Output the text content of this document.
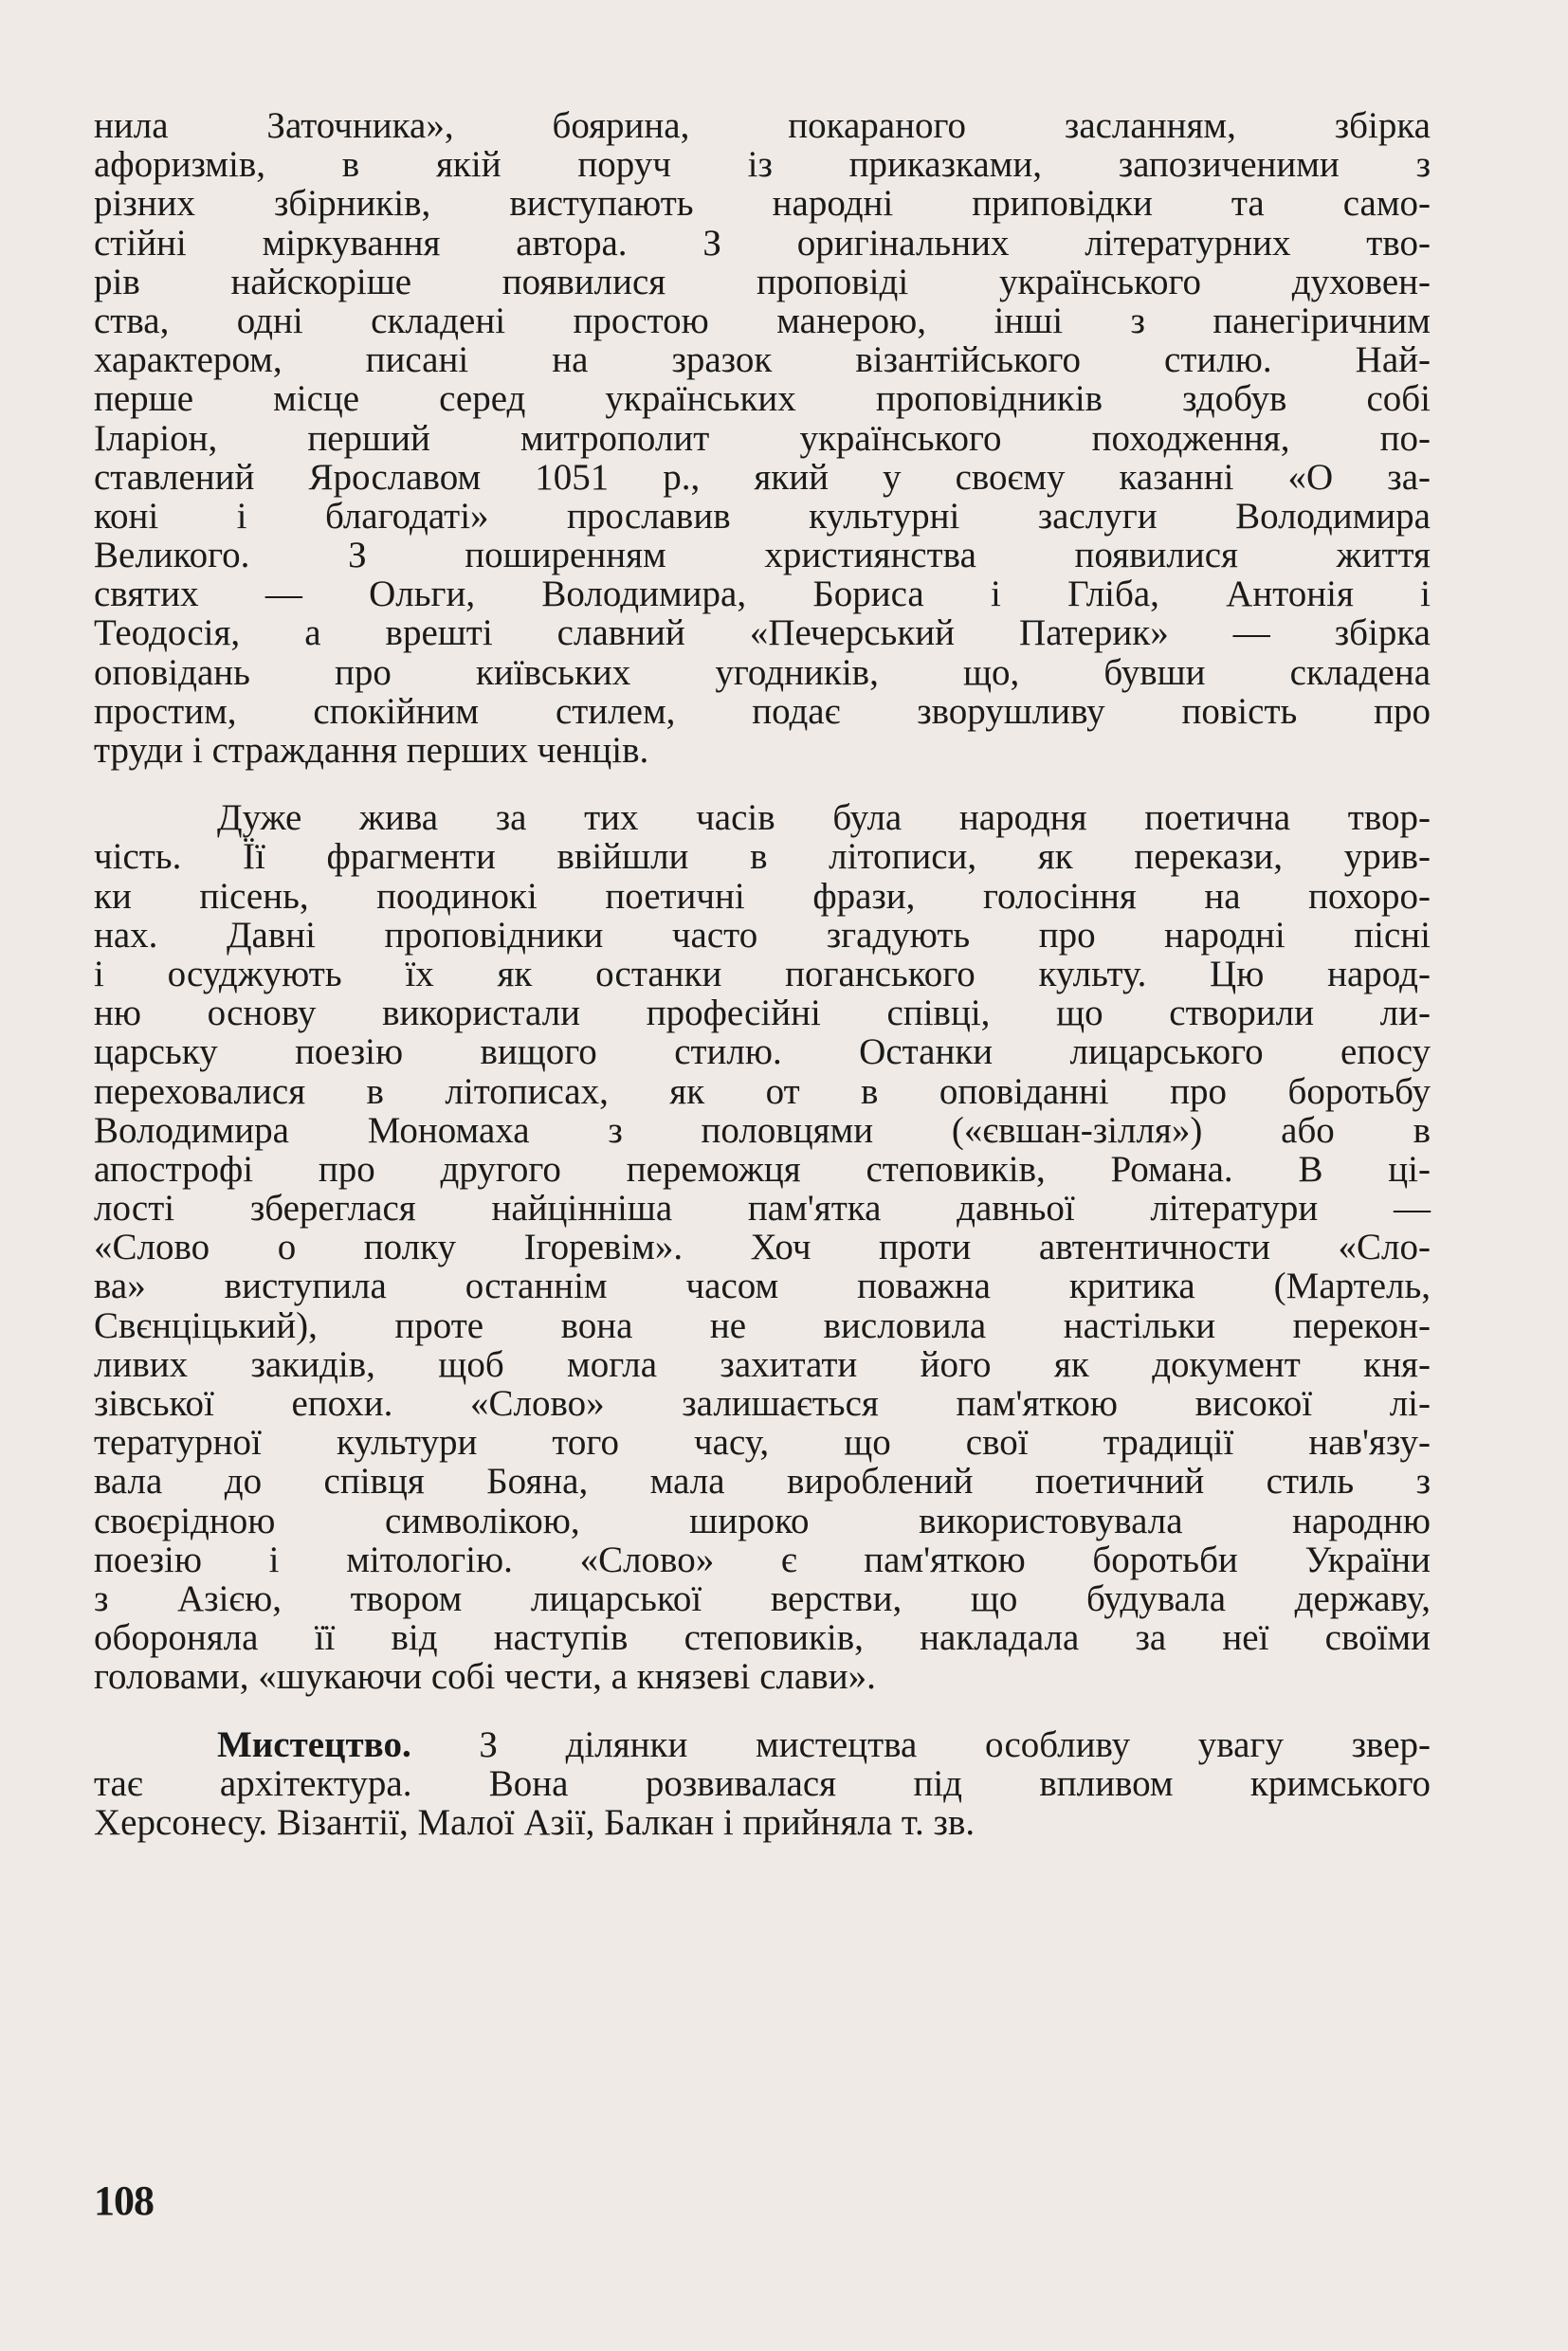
нила Заточника», боярина, покараного засланням, збірка
афоризмів, в якій поруч із приказками, запозиченими з
різних збірників, виступають народні приповідки та само-
стійні міркування автора. З оригінальних літературних тво-
рів найскоріше появилися проповіді українського духовен-
ства, одні складені простою манерою, інші з панегіричним
характером, писані на зразок візантійського стилю. Най-
перше місце серед українських проповідників здобув собі
Іларіон, перший митрополит українського походження, по-
ставлений Ярославом 1051 р., який у своєму казанні «О за-
коні і благодаті» прославив культурні заслуги Володимира
Великого. З поширенням християнства появилися життя
святих — Ольги, Володимира, Бориса і Гліба, Антонія і
Теодосія, а врешті славний «Печерський Патерик» — збірка
оповідань про київських угодників, що, бувши складена
простим, спокійним стилем, подає зворушливу повість про
труди і страждання перших ченців.
Дуже жива за тих часів була народня поетична твор-
чість. Її фрагменти ввійшли в літописи, як перекази, урив-
ки пісень, поодинокі поетичні фрази, голосіння на похоро-
нах. Давні проповідники часто згадують про народні пісні
і осуджують їх як останки поганського культу. Цю народ-
ню основу використали професійні співці, що створили ли-
царську поезію вищого стилю. Останки лицарського епосу
переховалися в літописах, як от в оповіданні про боротьбу
Володимира Мономаха з половцями («євшан-зілля») або в
апострофі про другого переможця степовиків, Романа. В ці-
лості збереглася найцінніша пам'ятка давньої літератури —
«Слово о полку Ігоревім». Хоч проти автентичности «Сло-
ва» виступила останнім часом поважна критика (Мартель,
Свєнціцький), проте вона не висловила настільки перекон-
ливих закидів, щоб могла захитати його як документ кня-
зівської епохи. «Слово» залишається пам'яткою високої лі-
тературної культури того часу, що свої традиції нав'язу-
вала до співця Бояна, мала вироблений поетичний стиль з
своєрідною символікою, широко використовувала народню
поезію і мітологію. «Слово» є пам'яткою боротьби України
з Азією, твором лицарської верстви, що будувала державу,
обороняла її від наступів степовиків, накладала за неї своїми
головами, «шукаючи собі чести, а князеві слави».
Мистецтво. З ділянки мистецтва особливу увагу звер-
тає архітектура. Вона розвивалася під впливом кримського
Херсонесу. Візантії, Малої Азії, Балкан і прийняла т. зв.
108
